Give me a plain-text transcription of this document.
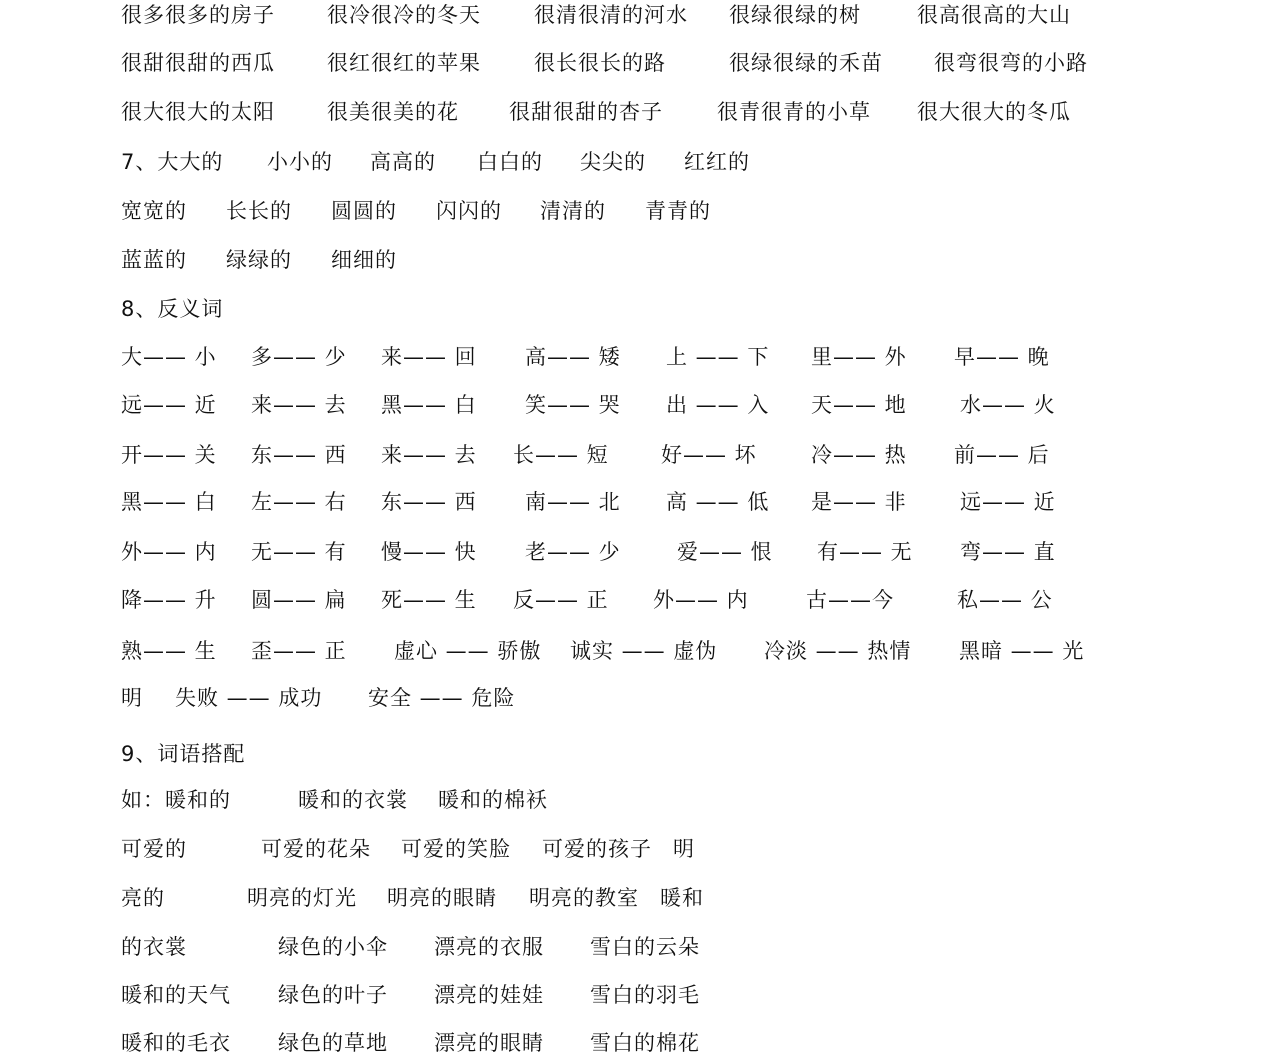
很多很多的房子 很冷很冷的冬天	很清很清的河水 很绿很绿的树	很高很高的大山
很甜很甜的西瓜 很红很红的苹果	很长很长的路	很绿很绿的禾苗 很弯很弯的小路
很大很大的太阳 很美很美的花 很甜很甜的杏子	很青很青的小草 很大很大的冬瓜
7、大大的 小小的 高高的 白白的 尖尖的 红红的
宽宽的 长长的 圆圆的 闪闪的 清清的 青青的
蓝蓝的 绿绿的 细细的
8、反义词
大—— 小 多—— 少 来—— 回 高—— 矮 上 —— 下 里—— 外 早—— 晚
远—— 近 来—— 去 黑—— 白 笑—— 哭 出 —— 入 天—— 地	水—— 火
开—— 关 东—— 西 来—— 去 长—— 短 好—— 坏	冷—— 热 前—— 后
黑—— 白 左—— 右 东—— 西 南—— 北 高 —— 低 是—— 非	远—— 近
外—— 内 无—— 有 慢—— 快 老—— 少	爱—— 恨 有—— 无 弯—— 直
降—— 升 圆—— 扁 死—— 生 反—— 正 外—— 内	古——今	私—— 公
熟—— 生 歪—— 正 虚心 —— 骄傲 诚实 —— 虚伪 冷淡 —— 热情 黑暗 —— 光
明 失败 —— 成功 安全 —— 危险
9、词语搭配
如：暖和的	暖和的衣裳 暖和的棉袄
可爱的	可爱的花朵 可爱的笑脸 可爱的孩子 明
亮的	明亮的灯光 明亮的眼睛 明亮的教室 暖和
的衣裳	绿色的小伞 漂亮的衣服 雪白的云朵
暖和的天气 绿色的叶子 漂亮的娃娃 雪白的羽毛
暖和的毛衣 绿色的草地 漂亮的眼睛 雪白的棉花
